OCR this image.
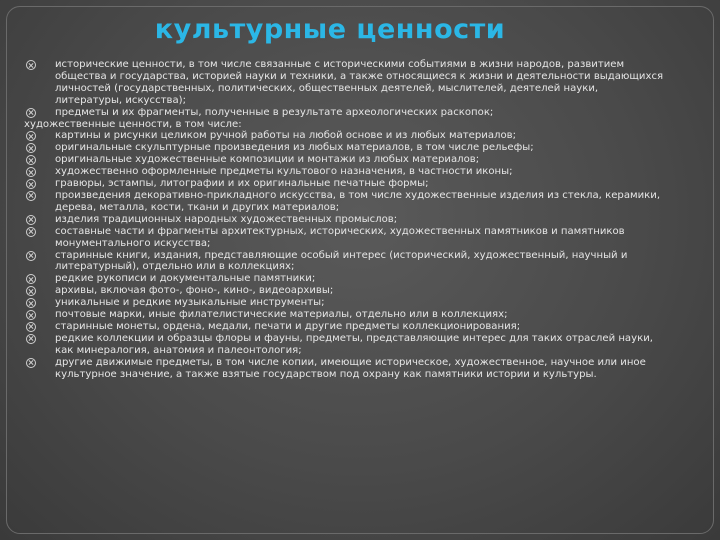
культурные ценности
исторические ценности, в том числе связанные с историческими событиями в жизни народов, развитием общества и государства, историей науки и техники, а также относящиеся к жизни и деятельности выдающихся личностей (государственных, политических, общественных деятелей, мыслителей, деятелей науки, литературы, искусства);
предметы и их фрагменты, полученные в результате археологических раскопок;
художественные ценности, в том числе:
картины и рисунки целиком ручной работы на любой основе и из любых материалов;
оригинальные скульптурные произведения из любых материалов, в том числе рельефы;
оригинальные художественные композиции и монтажи из любых материалов;
художественно оформленные предметы культового назначения, в частности иконы;
гравюры, эстампы, литографии и их оригинальные печатные формы;
произведения декоративно-прикладного искусства, в том числе художественные изделия из стекла, керамики, дерева, металла, кости, ткани и других материалов;
изделия традиционных народных художественных промыслов;
составные части и фрагменты архитектурных, исторических, художественных памятников и памятников монументального искусства;
старинные книги, издания, представляющие особый интерес (исторический, художественный, научный и литературный), отдельно или в коллекциях;
редкие рукописи и документальные памятники;
архивы, включая фото-, фоно-, кино-, видеоархивы;
уникальные и редкие музыкальные инструменты;
почтовые марки, иные филателистические материалы, отдельно или в коллекциях;
старинные монеты, ордена, медали, печати и другие предметы коллекционирования;
редкие коллекции и образцы флоры и фауны, предметы, представляющие интерес для таких отраслей науки, как минералогия, анатомия и палеонтология;
другие движимые предметы, в том числе копии, имеющие историческое, художественное, научное или иное культурное значение, а также взятые государством под охрану как памятники истории и культуры.
